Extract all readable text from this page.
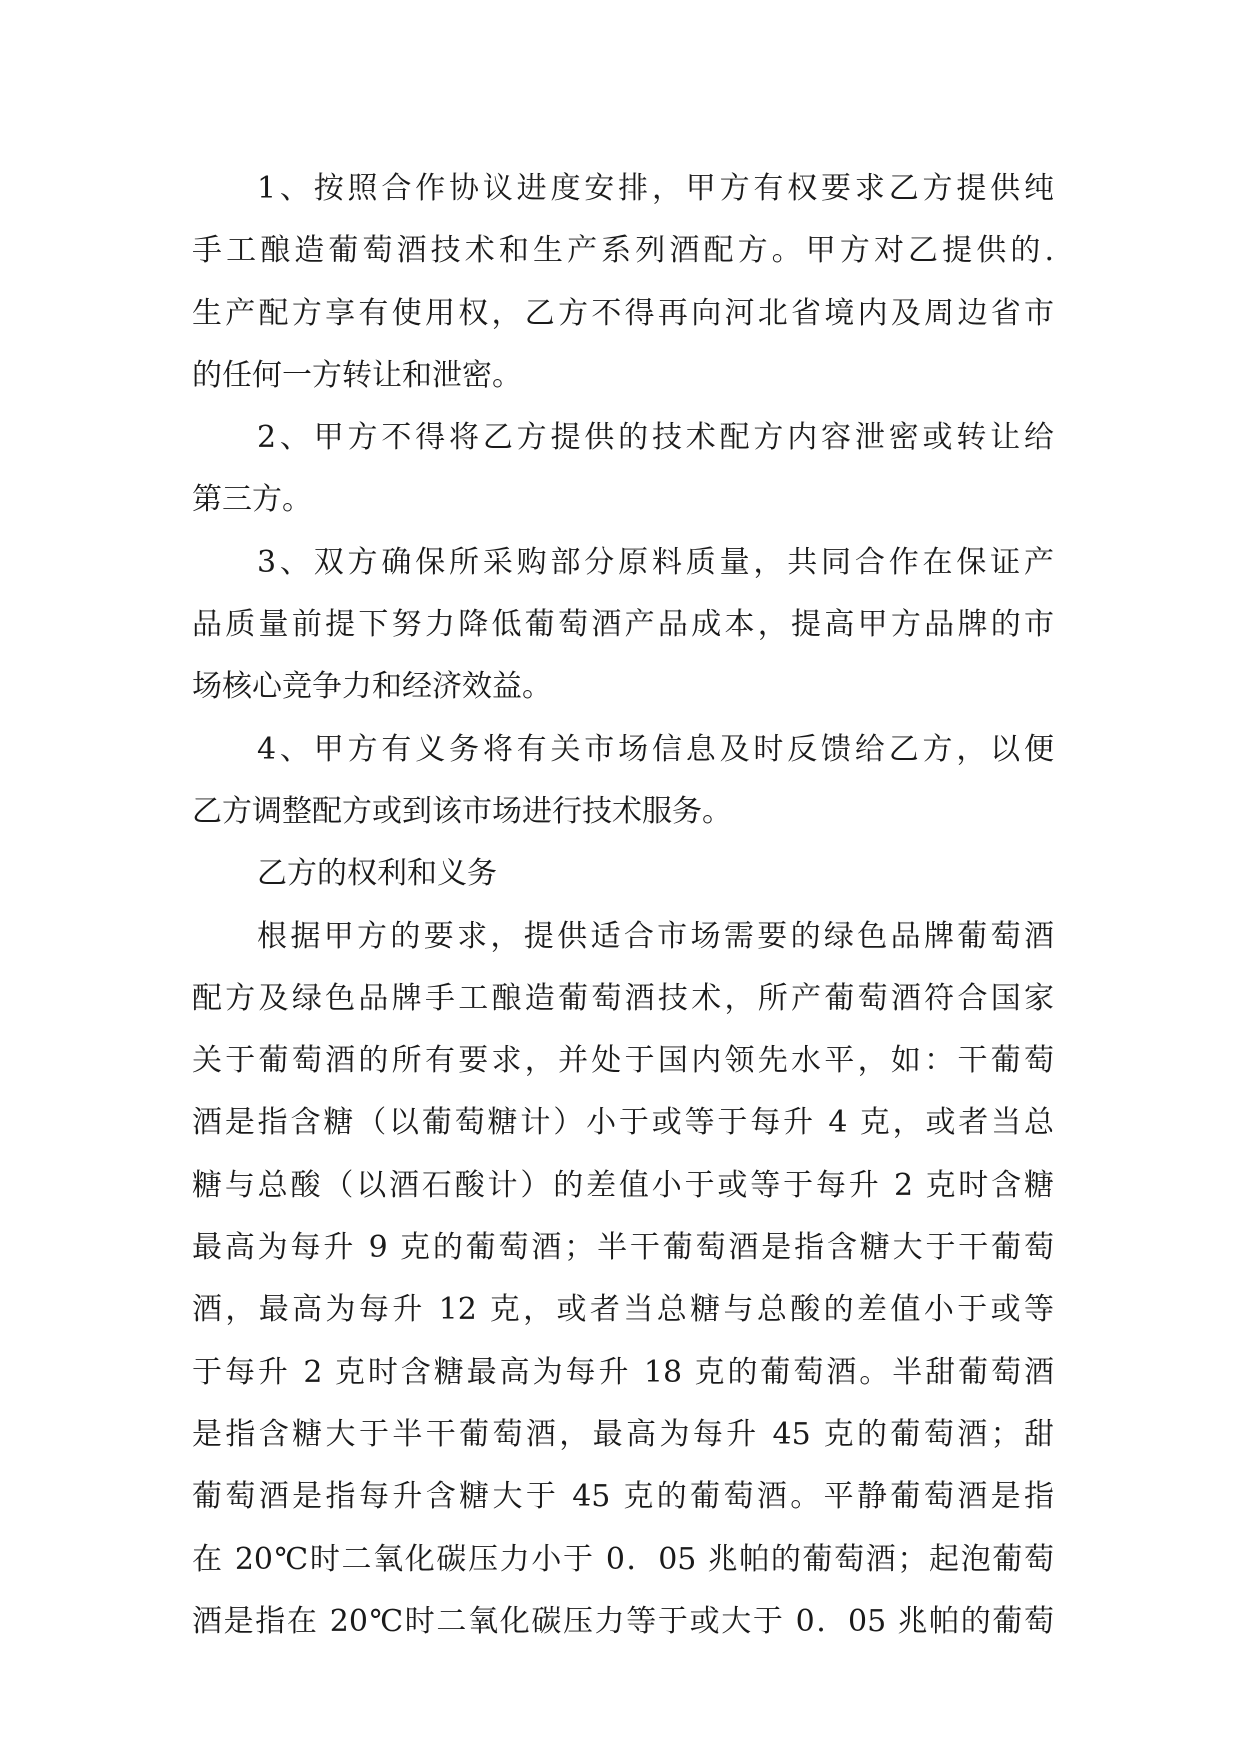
1、按照合作协议进度安排，甲方有权要求乙方提供纯
手工酿造葡萄酒技术和生产系列酒配方。甲方对乙提供的.
生产配方享有使用权，乙方不得再向河北省境内及周边省市
的任何一方转让和泄密。
2、甲方不得将乙方提供的技术配方内容泄密或转让给
第三方。
3、双方确保所采购部分原料质量，共同合作在保证产
品质量前提下努力降低葡萄酒产品成本，提高甲方品牌的市
场核心竞争力和经济效益。
4、甲方有义务将有关市场信息及时反馈给乙方，以便
乙方调整配方或到该市场进行技术服务。
乙方的权利和义务
根据甲方的要求，提供适合市场需要的绿色品牌葡萄酒
配方及绿色品牌手工酿造葡萄酒技术，所产葡萄酒符合国家
关于葡萄酒的所有要求，并处于国内领先水平，如：干葡萄
酒是指含糖（以葡萄糖计）小于或等于每升 4 克，或者当总
糖与总酸（以酒石酸计）的差值小于或等于每升 2 克时含糖
最高为每升 9 克的葡萄酒；半干葡萄酒是指含糖大于干葡萄
酒，最高为每升 12 克，或者当总糖与总酸的差值小于或等
于每升 2 克时含糖最高为每升 18 克的葡萄酒。半甜葡萄酒
是指含糖大于半干葡萄酒，最高为每升 45 克的葡萄酒；甜
葡萄酒是指每升含糖大于 45 克的葡萄酒。平静葡萄酒是指
在 20℃时二氧化碳压力小于 0．05 兆帕的葡萄酒；起泡葡萄
酒是指在 20℃时二氧化碳压力等于或大于 0．05 兆帕的葡萄
